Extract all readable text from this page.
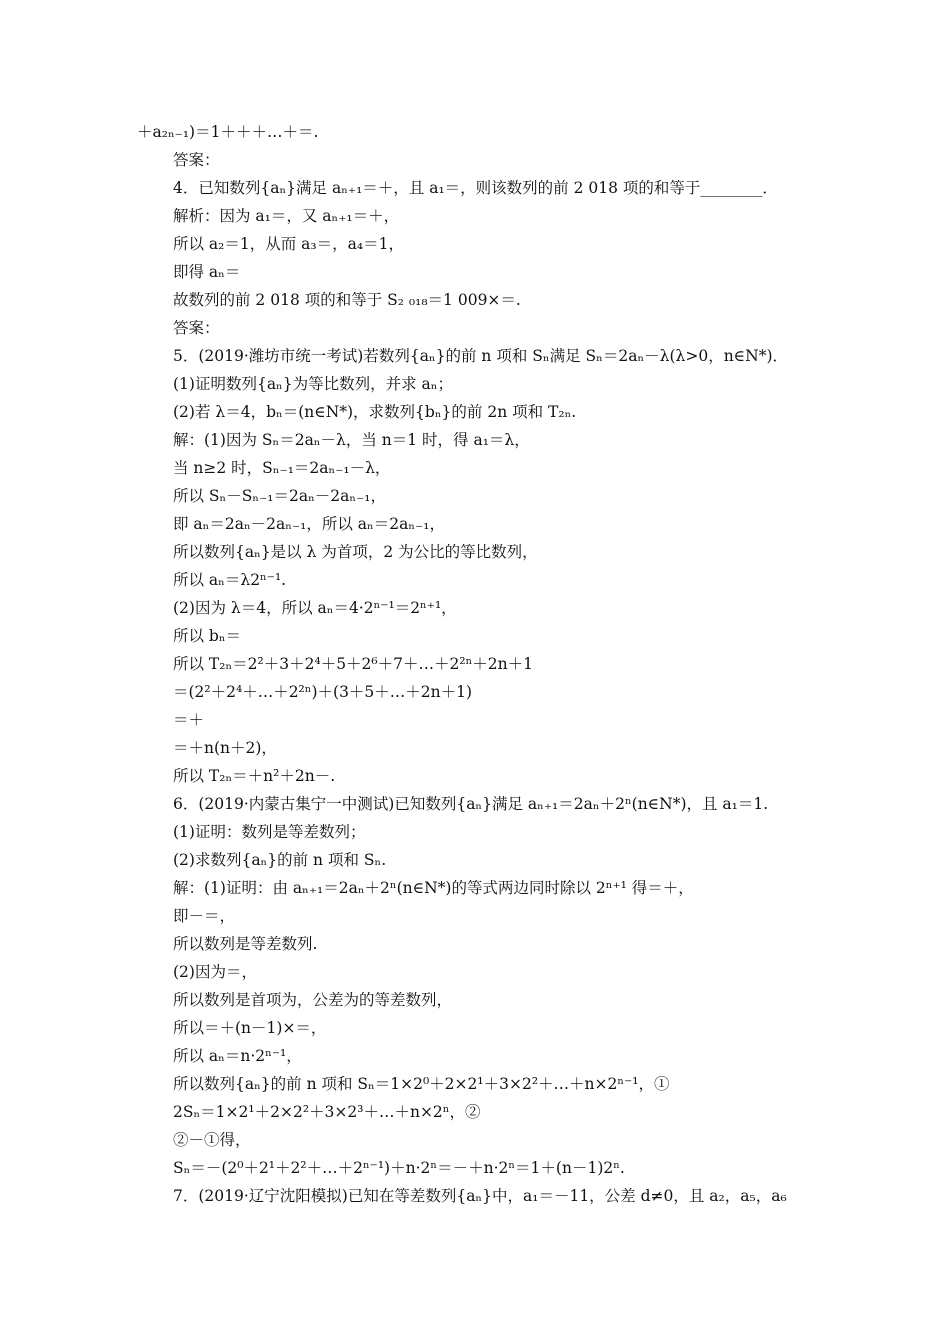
＋a₂ₙ₋₁)＝1＋＋＋…＋＝.
答案：
4．已知数列{aₙ}满足 aₙ₊₁＝＋，且 a₁＝，则该数列的前 2 018 项的和等于________．
解析：因为 a₁＝，又 aₙ₊₁＝＋，
所以 a₂＝1，从而 a₃＝，a₄＝1，
即得 aₙ＝
故数列的前 2 018 项的和等于 S₂ ₀₁₈＝1 009×＝.
答案：
5．(2019·潍坊市统一考试)若数列{aₙ}的前 n 项和 Sₙ满足 Sₙ＝2aₙ－λ(λ>0，n∈N*)．
(1)证明数列{aₙ}为等比数列，并求 aₙ；
(2)若 λ＝4，bₙ＝(n∈N*)，求数列{bₙ}的前 2n 项和 T₂ₙ.
解：(1)因为 Sₙ＝2aₙ－λ，当 n＝1 时，得 a₁＝λ，
当 n≥2 时，Sₙ₋₁＝2aₙ₋₁－λ，
所以 Sₙ－Sₙ₋₁＝2aₙ－2aₙ₋₁，
即 aₙ＝2aₙ－2aₙ₋₁，所以 aₙ＝2aₙ₋₁，
所以数列{aₙ}是以 λ 为首项，2 为公比的等比数列，
所以 aₙ＝λ2ⁿ⁻¹.
(2)因为 λ＝4，所以 aₙ＝4·2ⁿ⁻¹＝2ⁿ⁺¹，
所以 bₙ＝
所以 T₂ₙ＝2²＋3＋2⁴＋5＋2⁶＋7＋…＋2²ⁿ＋2n＋1
＝(2²＋2⁴＋…＋2²ⁿ)＋(3＋5＋…＋2n＋1)
＝＋
＝＋n(n＋2)，
所以 T₂ₙ＝＋n²＋2n－.
6．(2019·内蒙古集宁一中测试)已知数列{aₙ}满足 aₙ₊₁＝2aₙ＋2ⁿ(n∈N*)，且 a₁＝1.
(1)证明：数列是等差数列；
(2)求数列{aₙ}的前 n 项和 Sₙ.
解：(1)证明：由 aₙ₊₁＝2aₙ＋2ⁿ(n∈N*)的等式两边同时除以 2ⁿ⁺¹ 得＝＋，
即－＝，
所以数列是等差数列.
(2)因为＝，
所以数列是首项为，公差为的等差数列，
所以＝＋(n－1)×＝，
所以 aₙ＝n·2ⁿ⁻¹，
所以数列{aₙ}的前 n 项和 Sₙ＝1×2⁰＋2×2¹＋3×2²＋…＋n×2ⁿ⁻¹，①
2Sₙ＝1×2¹＋2×2²＋3×2³＋…＋n×2ⁿ，②
②－①得，
Sₙ＝－(2⁰＋2¹＋2²＋…＋2ⁿ⁻¹)＋n·2ⁿ＝－＋n·2ⁿ＝1＋(n－1)2ⁿ.
7．(2019·辽宁沈阳模拟)已知在等差数列{aₙ}中，a₁＝－11，公差 d≠0，且 a₂，a₅，a₆
